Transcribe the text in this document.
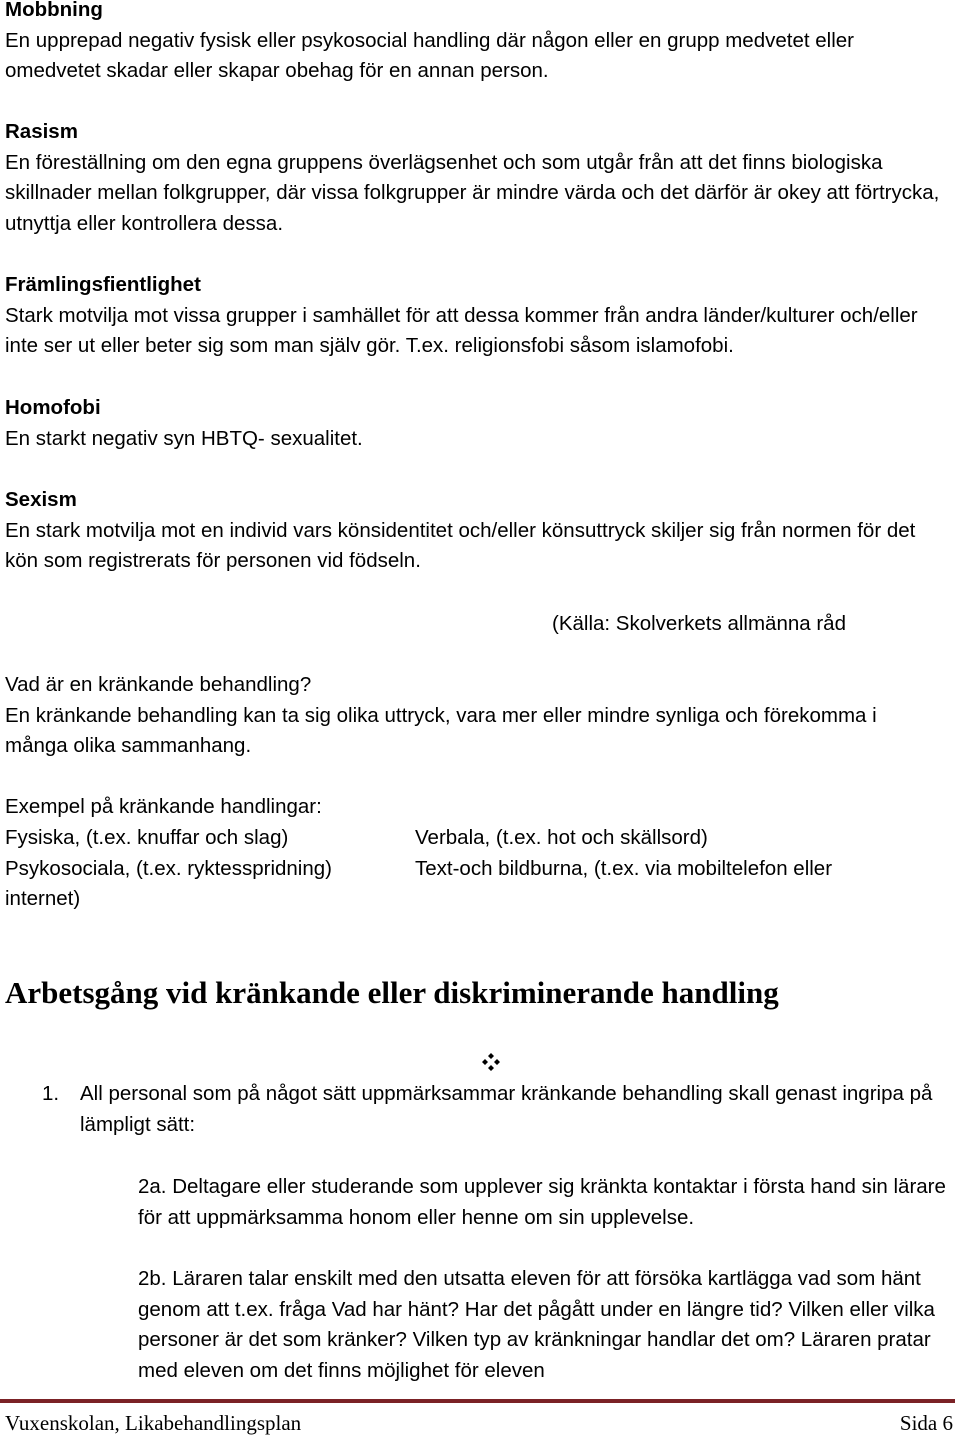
Mobbning
En upprepad negativ fysisk eller psykosocial handling där någon eller en grupp medvetet eller omedvetet skadar eller skapar obehag för en annan person.
Rasism
En föreställning om den egna gruppens överlägsenhet och som utgår från att det finns biologiska skillnader mellan folkgrupper, där vissa folkgrupper är mindre värda och det därför är okey att förtrycka, utnyttja eller kontrollera dessa.
Främlingsfientlighet
Stark motvilja mot vissa grupper i samhället för att dessa kommer från andra länder/kulturer och/eller inte ser ut eller beter sig som man själv gör. T.ex. religionsfobi såsom islamofobi.
Homofobi
En starkt negativ syn HBTQ- sexualitet.
Sexism
En stark motvilja mot en individ vars könsidentitet och/eller könsuttryck skiljer sig från normen för det kön som registrerats för personen vid födseln.
(Källa: Skolverkets allmänna råd
Vad är en kränkande behandling?
En kränkande behandling kan ta sig olika uttryck, vara mer eller mindre synliga och förekomma i många olika sammanhang.
Exempel på kränkande handlingar:
Fysiska, (t.ex. knuffar och slag)
Psykosociala, (t.ex. ryktesspridning)
internet)
Verbala, (t.ex. hot och skällsord)
Text-och bildburna, (t.ex. via mobiltelefon eller
Arbetsgång vid kränkande eller diskriminerande handling
1. All personal som på något sätt uppmärksammar kränkande behandling skall genast ingripa på lämpligt sätt:
2a. Deltagare eller studerande som upplever sig kränkta kontaktar i första hand sin lärare för att uppmärksamma honom eller henne om sin upplevelse.
2b. Läraren talar enskilt med den utsatta eleven för att försöka kartlägga vad som hänt genom att t.ex. fråga Vad har hänt? Har det pågått under en längre tid? Vilken eller vilka personer är det som kränker? Vilken typ av kränkningar handlar det om? Läraren pratar med eleven om det finns möjlighet för eleven
Vuxenskolan, Likabehandlingsplan	Sida 6
